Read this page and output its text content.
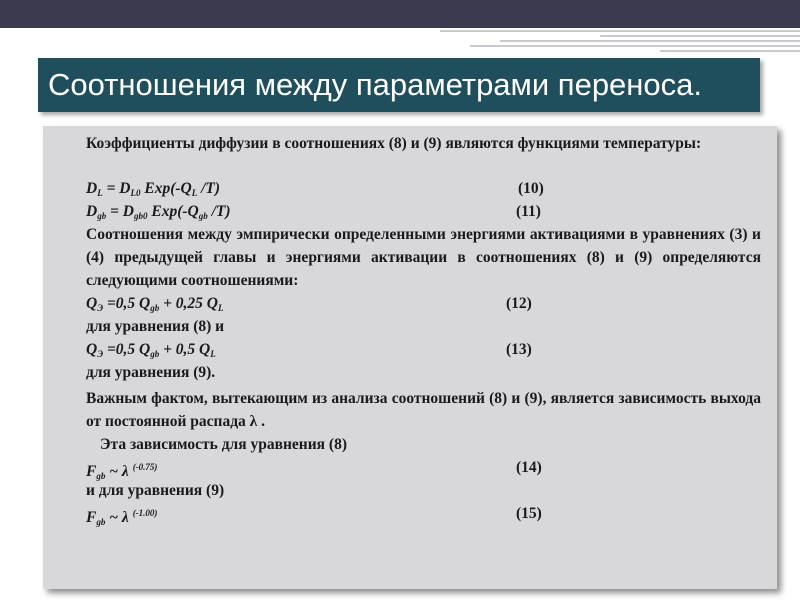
Соотношения между параметрами переноса.

Коэффициенты диффузии в соотношениях (8) и (9) являются функциями температуры:

$D_L = D_{L0}$ $Exp(-Q_L$ /T)	(10)
$D_{gb} = D_{gb0}$ $Exp(-Q_{gb}$ /T)	(11)

Соотношения между эмпирически определенными энергиями активациями в уравнениях (3) и (4) предыдущей главы и энергиями активации в соотношениях (8) и (9) определяются следующими соотношениями:

$Q_Э =0,5$ $Q_{gb} + 0,25$ $Q_L$	(12)

для уравнения (8) и

$Q_Э =0,5$ $Q_{gb} + 0,5$ $Q_L$	(13)

для уравнения (9).

Важным фактом, вытекающим из анализа соотношений (8) и (9), является зависимость выхода от постоянной распада λ .

Эта зависимость для уравнения (8)

$F_{gb}$ ~ λ $^{(-0.75)}$	(14)

и для уравнения (9)

$F_{gb}$ ~ λ $^{(-1.00)}$	(15)
